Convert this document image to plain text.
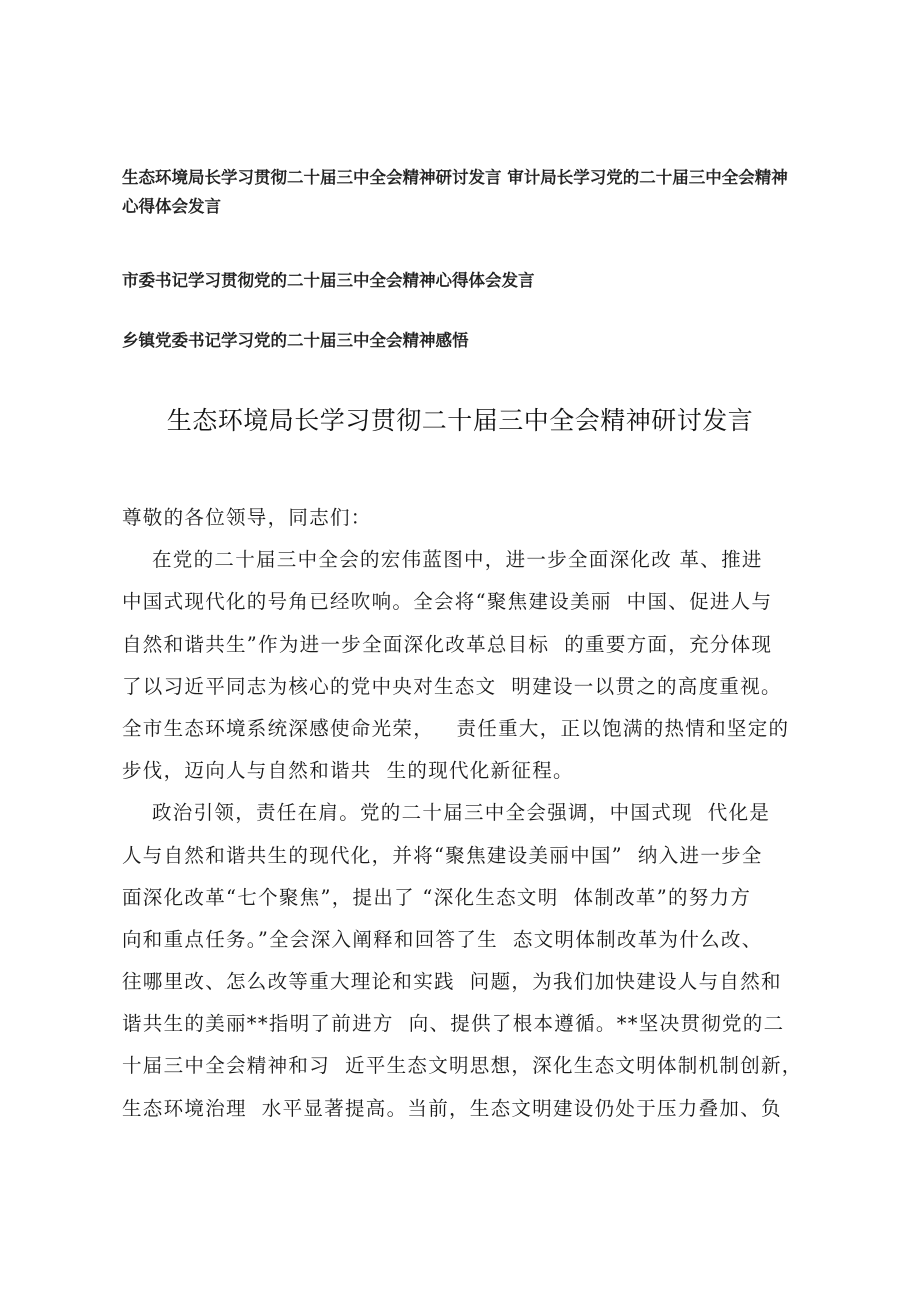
生态环境局长学习贯彻二十届三中全会精神研讨发言 审计局长学习党的二十届三中全会精神

心得体会发言

市委书记学习贯彻党的二十届三中全会精神心得体会发言

乡镇党委书记学习党的二十届三中全会精神感悟

生态环境局长学习贯彻二十届三中全会精神研讨发言

尊敬的各位领导，同志们：

在党的二十届三中全会的宏伟蓝图中，进一步全面深化改 革、推进

中国式现代化的号角已经吹响。全会将“聚焦建设美丽  中国、促进人与

自然和谐共生”作为进一步全面深化改革总目标  的重要方面，充分体现

了以习近平同志为核心的党中央对生态文  明建设一以贯之的高度重视。

全市生态环境系统深感使命光荣，   责任重大，正以饱满的热情和坚定的

步伐，迈向人与自然和谐共  生的现代化新征程。

政治引领，责任在肩。党的二十届三中全会强调，中国式现  代化是

人与自然和谐共生的现代化，并将“聚焦建设美丽中国”  纳入进一步全

面深化改革“七个聚焦”，提出了 “深化生态文明  体制改革”的努力方

向和重点任务。”全会深入阐释和回答了生  态文明体制改革为什么改、

往哪里改、怎么改等重大理论和实践  问题，为我们加快建设人与自然和

谐共生的美丽**指明了前进方  向、提供了根本遵循。**坚决贯彻党的二

十届三中全会精神和习  近平生态文明思想，深化生态文明体制机制创新，

生态环境治理  水平显著提高。当前，生态文明建设仍处于压力叠加、负
